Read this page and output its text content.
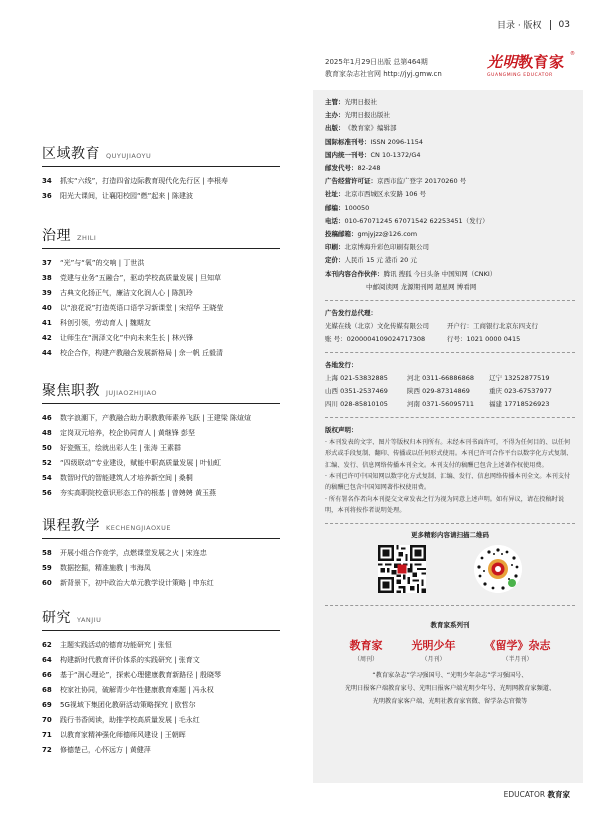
目录 · 版权 03
2025年1月29日出版 总第464期
教育家杂志社官网 http://jyj.gmw.cn
光明教育家
GUANGMING EDUCATOR
®
区域教育 QUYUJIAOYU
34	抓实“六线”，打造四省边际教育现代化先行区 | 李根寿
36	阳光大课间，让襄阳校园“燃”起来 | 陈建波
治理 ZHILI
37	“光”与“氧”的交响 | 丁世洪
38	党建与业务“五融合”，驱动学校高质量发展 | 旦知草
39	古典文化扬正气，廉洁文化润人心 | 陈凯玲
40	以“浪花说”打造英语口语学习新课堂 | 宋绍华 王晓莹
41	科创引领，劳动育人 | 魏期友
42	让师生在“润泽文化”中向未来生长 | 林兴锋
44	校企合作，构建产教融合发展新格局 | 余一帆 丘毅清
聚焦职教 JUJIAOZHIJIAO
46	数字浪潮下，产教融合助力职教教师素养飞跃 | 王建梁 陈煊煊
48	定岗双元培养，校企协同育人 | 黄继锋 彭坚
50	好瓷甄玉，绘就出彩人生 | 张涛 王素群
52	“四级联动”专业建设，赋能中职高质量发展 | 叶仙虹
54	数智时代的智能建筑人才培养新空间 | 桑桐
56	夯实高职院校意识形态工作的根基 | 曾娉娉 黄玉燕
课程教学 KECHENGJIAOXUE
58	开展小组合作竞学，点燃课堂发展之火 | 宋连忠
59	数据挖掘，精准施教 | 韦海凤
60	新背景下，初中政治大单元教学设计策略 | 申东红
研究 YANJIU
62	主题实践活动的德育功能研究 | 张恒
64	构建新时代教育评价体系的实践研究 | 张育文
66	基于“润心理论”，探索心理健康教育新路径 | 殷晓琴
68	校家社协同，破解青少年性健康教育难题 | 冯永权
69	5G视域下集团化教研活动策略探究 | 欧哲尔
70	践行书香阅读，助推学校高质量发展 | 毛永红
71	以教育家精神强化师德师风建设 | 王朝晖
72	修德楚己，心怀远方 | 黄健萍
主管： 光明日报社
主办： 光明日报出版社
出版： 《教育家》编辑部
国际标准刊号： ISSN 2096-1154
国内统一刊号： CN 10-1372/G4
邮发代号： 82-248
广告经营许可证： 京西市监广登字 20170260 号
社址： 北京市西城区永安路 106 号
邮编： 100050
电话： 010-67071245 67071542 62253451（发行）
投稿邮箱： gmjyjzz@126.com
印刷： 北京博海升彩色印刷有限公司
定价： 人民币 15 元 港币 20 元
本刊内容合作伙伴： 腾讯 搜狐 今日头条 中国知网（CNKI）
中邮阅读网 龙源期刊网 超星网 博看网
广告发行总代理：
光媒在线（北京）文化传媒有限公司	开户行：工商银行北京东四支行
账 号：0200004109024717308	行号：1021 0000 0415
各地发行：
上海 021-53832885	河北 0311-66886868	辽宁 13252877519
山西 0351-2537469	陕西 029-87314869	重庆 023-67537977
四川 028-85810105	河南 0371-56095711	福建 17718526923
版权声明：
· 本刊发表的文字、图片等版权归本刊所有。未经本刊书面许可，不得为任何目的、以任何形式或手段复制、翻印、传播或以任何形式使用。本刊已许可合作平台以数字化方式复制、汇编、发行、信息网络传播本刊全文。本刊支付的稿酬已包含上述著作权使用费。
· 本刊已许可中国知网以数字化方式复制、汇编、发行、信息网络传播本刊全文。本刊支付的稿酬已包含中国知网著作权使用费。
· 所有署名作者向本刊提交文章发表之行为视为同意上述声明。如有异议，请在投稿时说明，本刊将按作者说明处理。
更多精彩内容请扫描二维码
教育家系列刊
教育家
（周刊）
光明少年
（月刊）
《留学》杂志
（半月刊）
“教育家杂志”学习强国号、“光明少年杂志”学习强国号、
光明日报客户端教育家号、光明日报客户端光明少年号、光明网教育家频道、
光明教育家客户端、光明社教育家官微、留学杂志官微等
EDUCATOR 教育家
